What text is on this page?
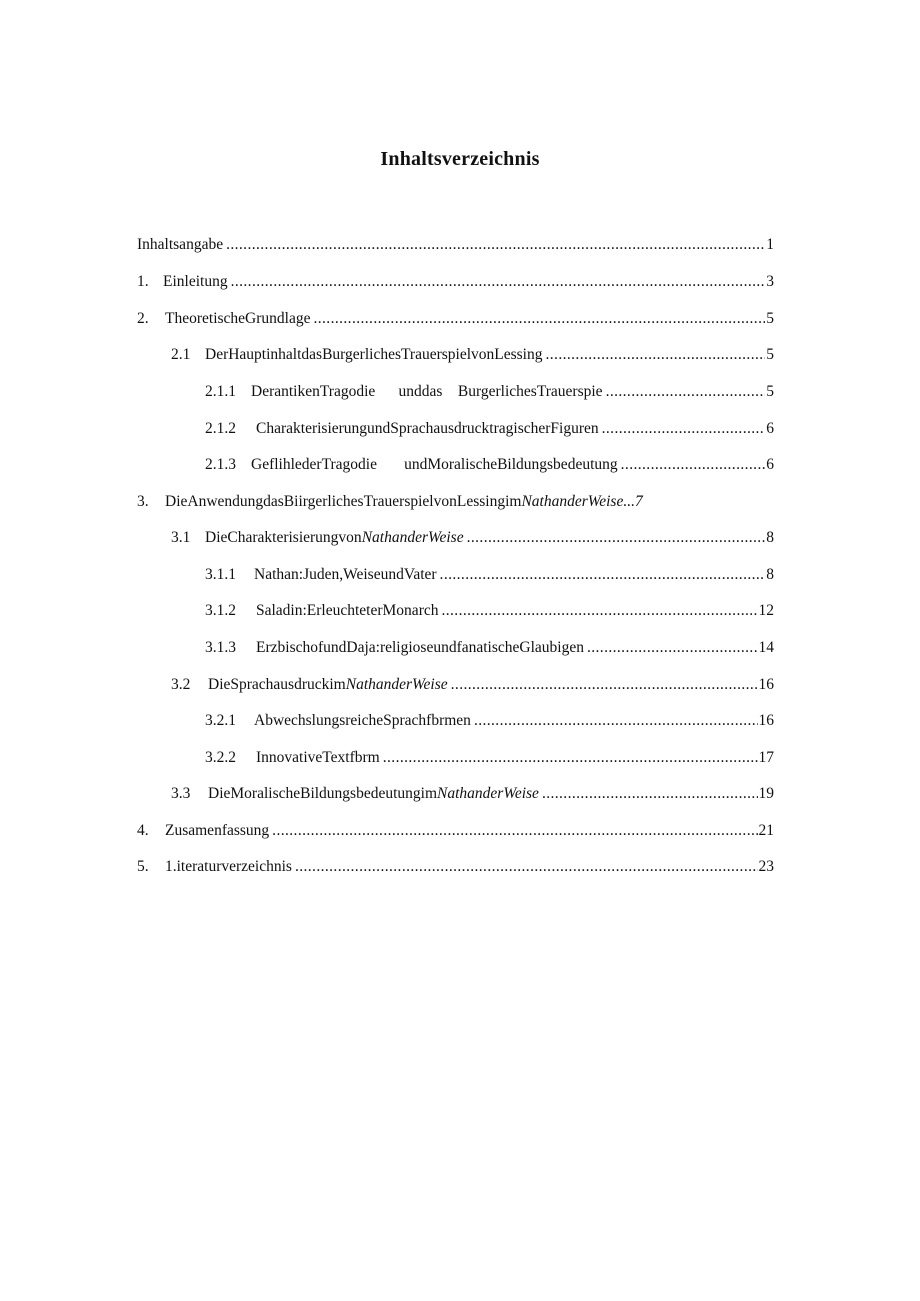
Inhaltsverzeichnis
Inhaltsangabe .....	1
1. Einleitung .....	3
2.	TheoretischeGrundlage .....	5
2.1 DerHauptinhaltdasBurgerlichesTrauerspielvonLessing .....	5
2.1.1 DerantikenTragodie      unddas    BurgerlichesTrauerspie .....	5
2.1.2	CharakterisierungundSprachausdrucktragischerFiguren .....	6
2.1.3 GeflihlederTragodie       undMoralischeBildungsbedeutung .....	6
3.	DieAnwendungdasBiirgerlichesTrauerspielvonLessingimNathanderWeise...7
3.1 DieCharakterisierungvonNathanderWeise .....	8
3.1.1	Nathan:Juden,WeiseundVater .....	8
3.1.2	Saladin:ErleuchteterMonarch .....	12
3.1.3	ErzbischofundDaja:religioseundfanatischeGlaubigen .....	14
3.2	DieSprachausdruckimNathanderWeise .....	16
3.2.1	AbwechslungsreicheSprachfbrmen .....	16
3.2.2	InnovativeTextfbrm .....	17
3.3	DieMoralischeBildungsbedeutungimNathanderWeise .....	19
4.	Zusamenfassung .....	21
5.	1.iteraturverzeichnis .....	23
